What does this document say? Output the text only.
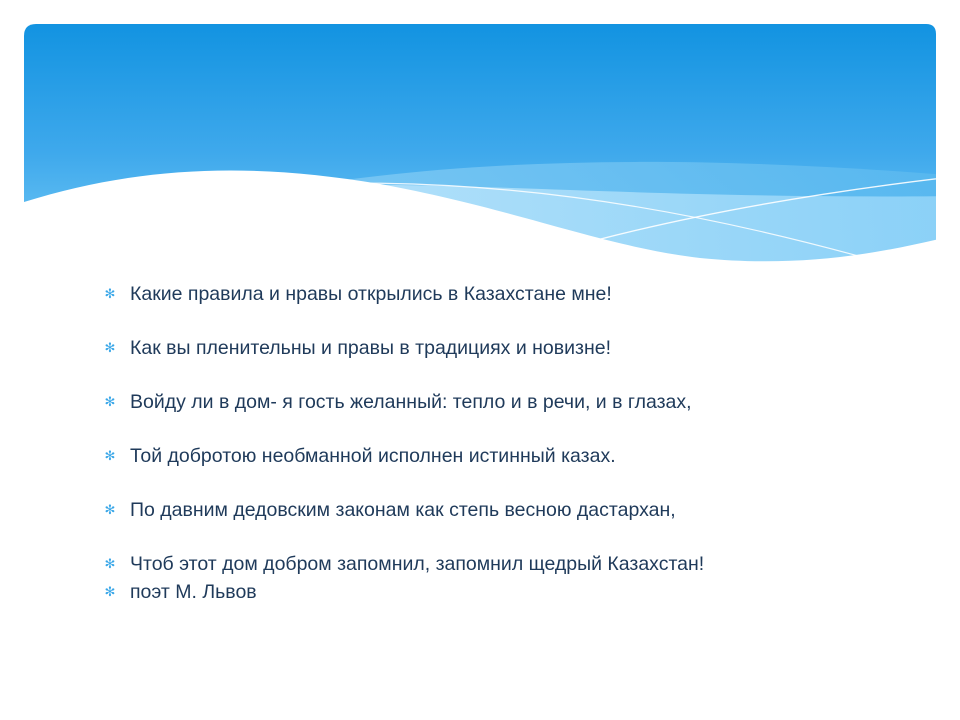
✻ Какие правила и нравы открылись в Казахстане мне!
✻ Как вы пленительны и правы в традициях и новизне!
✻ Войду ли в дом- я гость желанный: тепло и в речи, и в глазах,
✻ Той добротою необманной исполнен истинный казах.
✻ По давним дедовским законам как степь весною дастархан,
✻ Чтоб этот дом добром запомнил, запомнил щедрый Казахстан!
✻ поэт М. Львов
